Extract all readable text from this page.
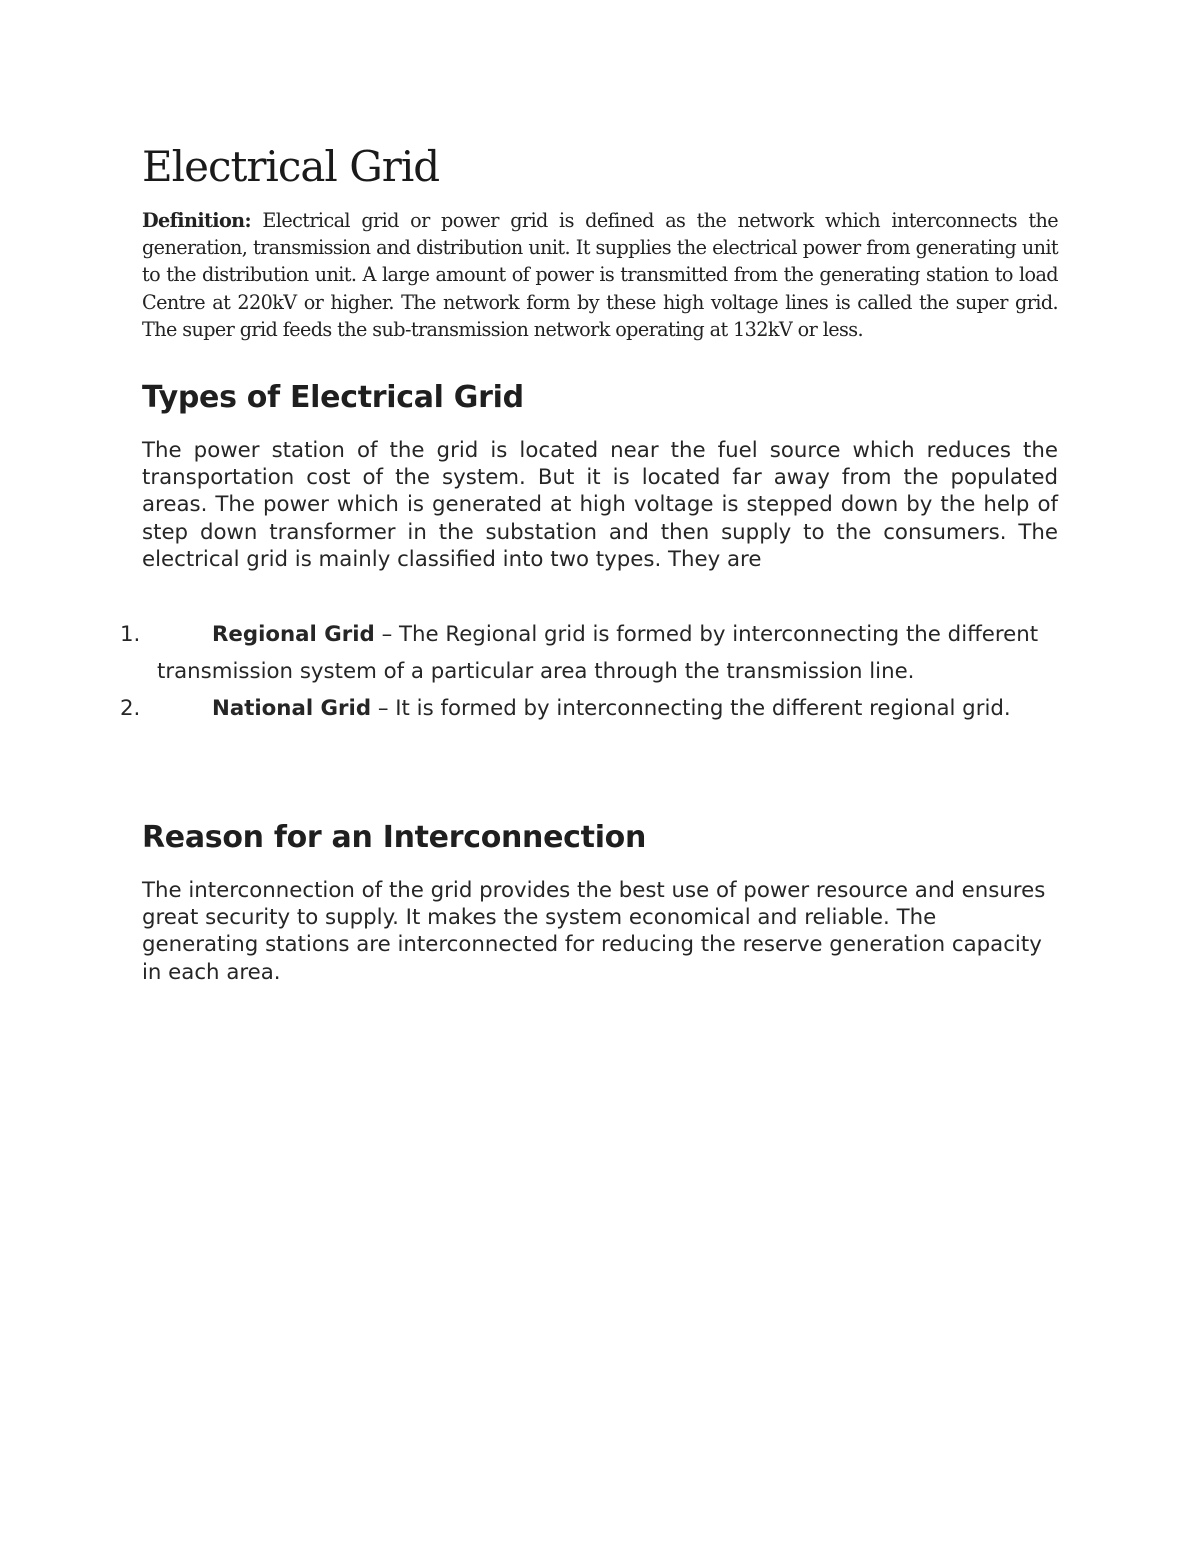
Electrical Grid

Definition: Electrical grid or power grid is defined as the network which interconnects the generation, transmission and distribution unit. It supplies the electrical power from generating unit to the distribution unit. A large amount of power is transmitted from the generating station to load Centre at 220kV or higher. The network form by these high voltage lines is called the super grid. The super grid feeds the sub-transmission network operating at 132kV or less.

Types of Electrical Grid

The power station of the grid is located near the fuel source which reduces the transportation cost of the system. But it is located far away from the populated areas. The power which is generated at high voltage is stepped down by the help of step down transformer in the substation and then supply to the consumers. The electrical grid is mainly classified into two types. They are

1.	Regional Grid – The Regional grid is formed by interconnecting the different transmission system of a particular area through the transmission line.
2.	National Grid – It is formed by interconnecting the different regional grid.
Reason for an Interconnection

The interconnection of the grid provides the best use of power resource and ensures great security to supply. It makes the system economical and reliable. The generating stations are interconnected for reducing the reserve generation capacity in each area.
